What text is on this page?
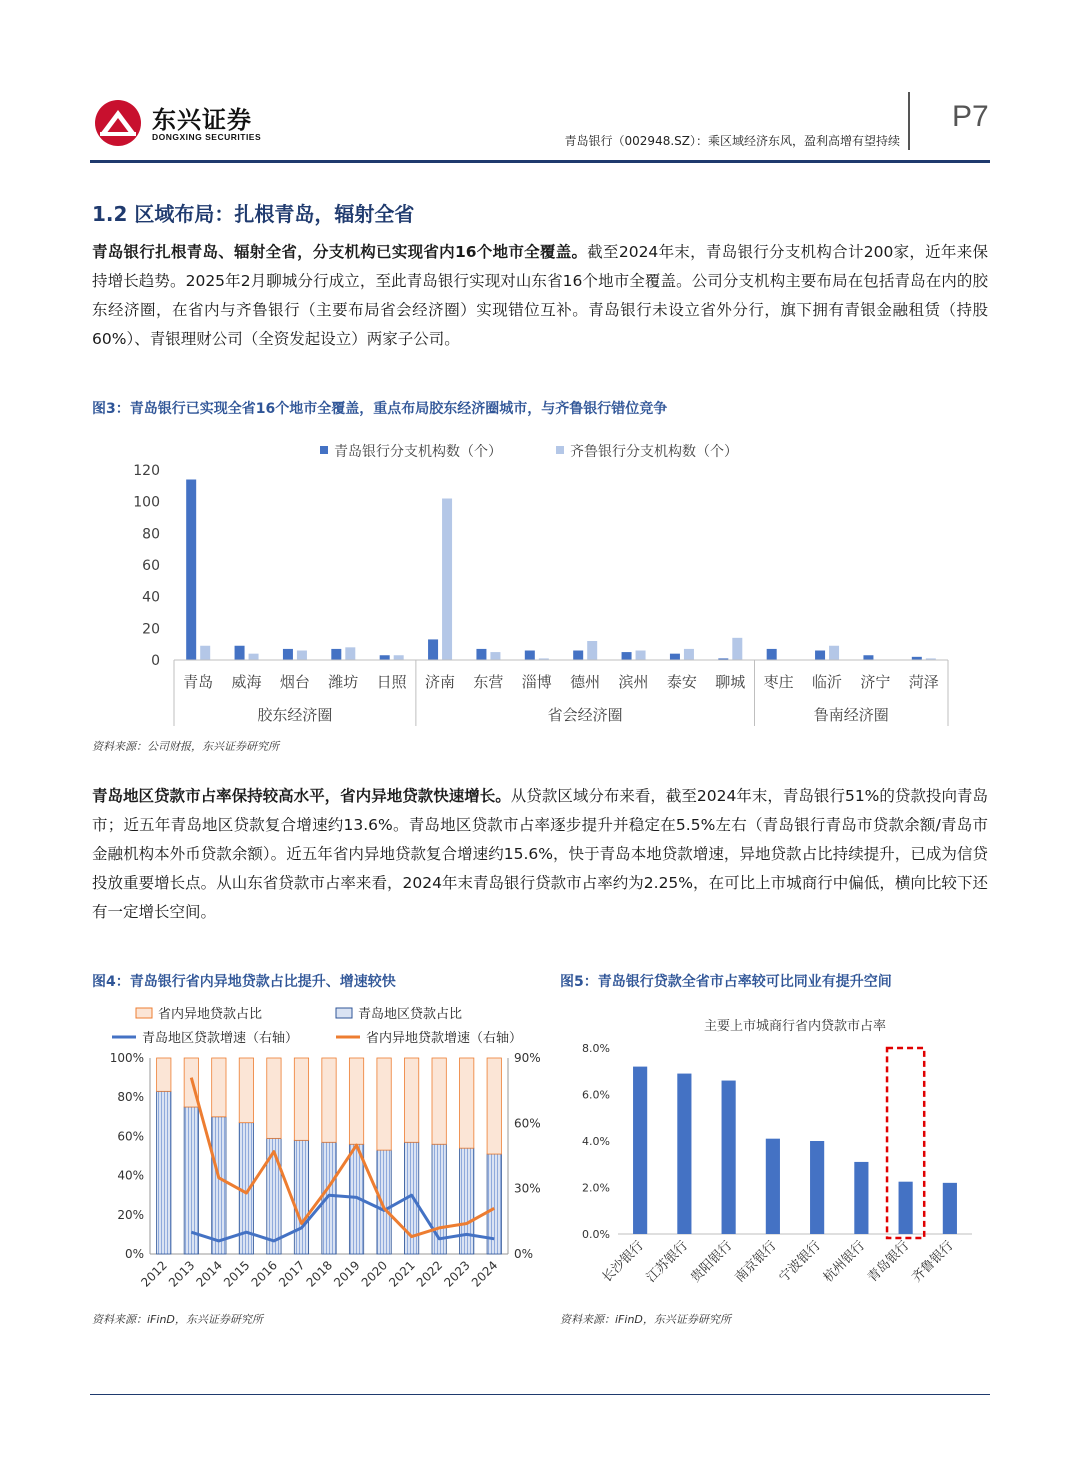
东兴证券
DONGXING SECURITIES	青岛银行（002948.SZ）：乘区域经济东风，盈利高增有望持续
P7
1.2 区域布局：扎根青岛，辐射全省
青岛银行扎根青岛、辐射全省，分支机构已实现省内16个地市全覆盖。截至2024年末，青岛银行分支机构合计200家，近年来保持增长趋势。2025年2月聊城分行成立，至此青岛银行实现对山东省16个地市全覆盖。公司分支机构主要布局在包括青岛在内的胶东经济圈，在省内与齐鲁银行（主要布局省会经济圈）实现错位互补。青岛银行未设立省外分行，旗下拥有青银金融租赁（持股60%）、青银理财公司（全资发起设立）两家子公司。
图3：青岛银行已实现全省16个地市全覆盖，重点布局胶东经济圈城市，与齐鲁银行错位竞争
0
20
40
60
80
100
120
青岛银行分支机构数（个）	齐鲁银行分支机构数（个）
青岛 威海 烟台 潍坊 日照 济南 东营 淄博 德州 滨州 泰安 聊城 枣庄 临沂 济宁 菏泽
胶东经济圈	省会经济圈	鲁南经济圈
资料来源：公司财报，东兴证券研究所
青岛地区贷款市占率保持较高水平，省内异地贷款快速增长。从贷款区域分布来看，截至2024年末，青岛银行51%的贷款投向青岛市；近五年青岛地区贷款复合增速约13.6%。青岛地区贷款市占率逐步提升并稳定在5.5%左右（青岛银行青岛市贷款余额/青岛市金融机构本外币贷款余额）。近五年省内异地贷款复合增速约15.6%，快于青岛本地贷款增速，异地贷款占比持续提升，已成为信贷投放重要增长点。从山东省贷款市占率来看，2024年末青岛银行贷款市占率约为2.25%，在可比上市城商行中偏低，横向比较下还有一定增长空间。
图4：青岛银行省内异地贷款占比提升、增速较快
省内异地贷款占比	青岛地区贷款占比
青岛地区贷款增速（右轴）	省内异地贷款增速（右轴）
0%
20%
40%
60%
80%
100%
0%
30%
60%
90%
2012
2013
2014
2015
2016
2017
2018
2019
2020
2021
2022
2023
2024
资料来源：iFinD，东兴证券研究所
图5：青岛银行贷款全省市占率较可比同业有提升空间
主要上市城商行省内贷款市占率
0.0%
2.0%
4.0%
6.0%
8.0%
长沙银行
江苏银行
贵阳银行
南京银行
宁波银行
杭州银行
青岛银行
齐鲁银行
资料来源：iFinD，东兴证券研究所
